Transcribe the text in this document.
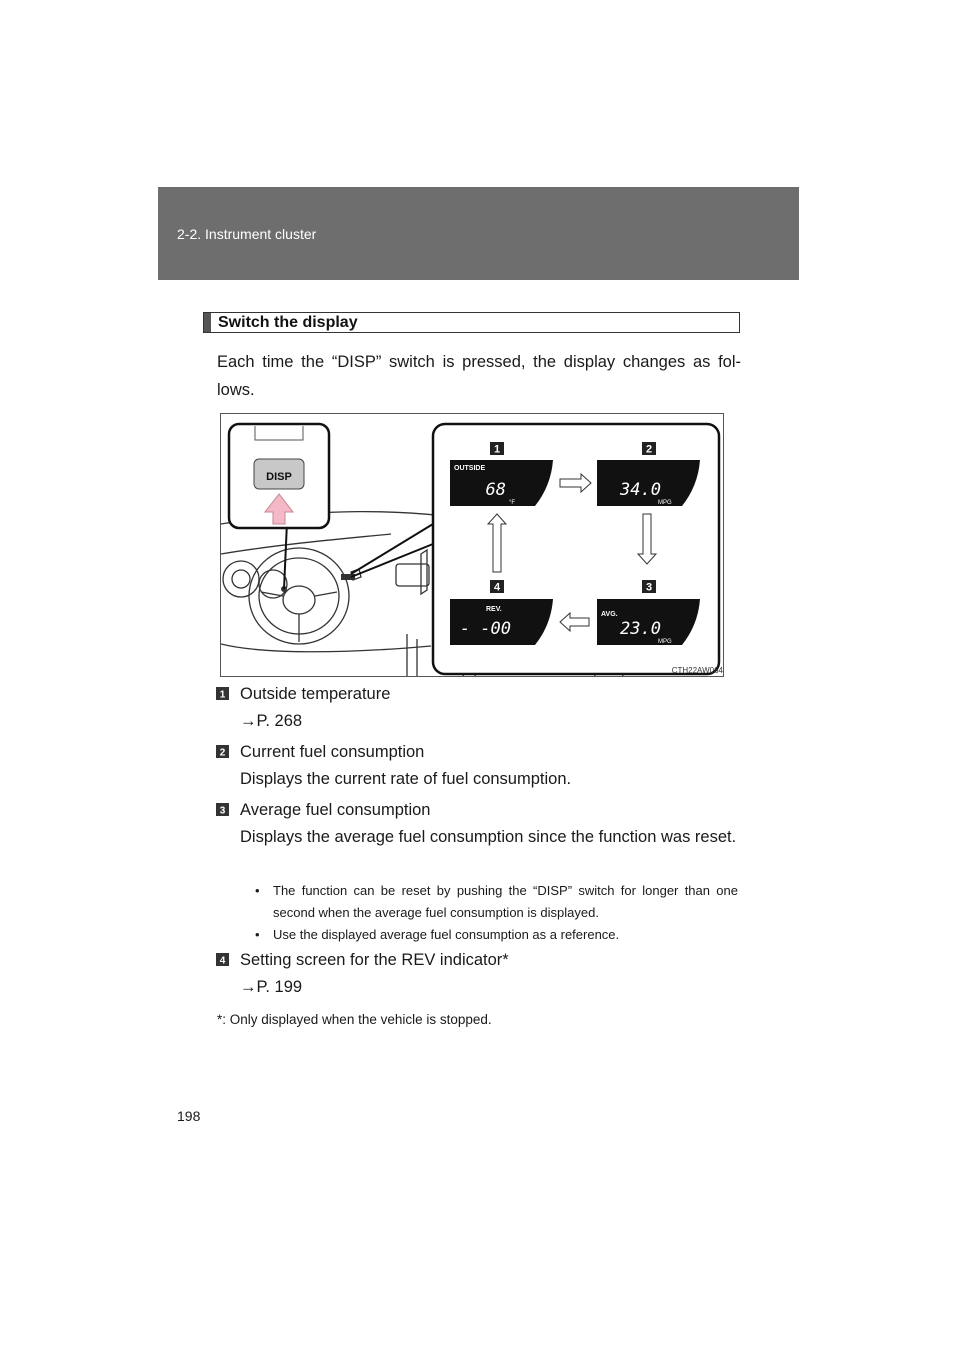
2-2. Instrument cluster
Switch the display
Each time the “DISP” switch is pressed, the display changes as fol-lows.
DISP
1	2
3
4
OUTSIDE
68
°F
34.0
MPG
AVG.
23.0
MPG
REV.
- -00
CTH22AW064
1 Outside temperature
→P. 268
2 Current fuel consumption
Displays the current rate of fuel consumption.
3 Average fuel consumption
Displays the average fuel consumption since the function was reset.
• The function can be reset by pushing the “DISP” switch for longer than one second when the average fuel consumption is displayed.
• Use the displayed average fuel consumption as a reference.
4 Setting screen for the REV indicator*
→P. 199
*: Only displayed when the vehicle is stopped.
198
